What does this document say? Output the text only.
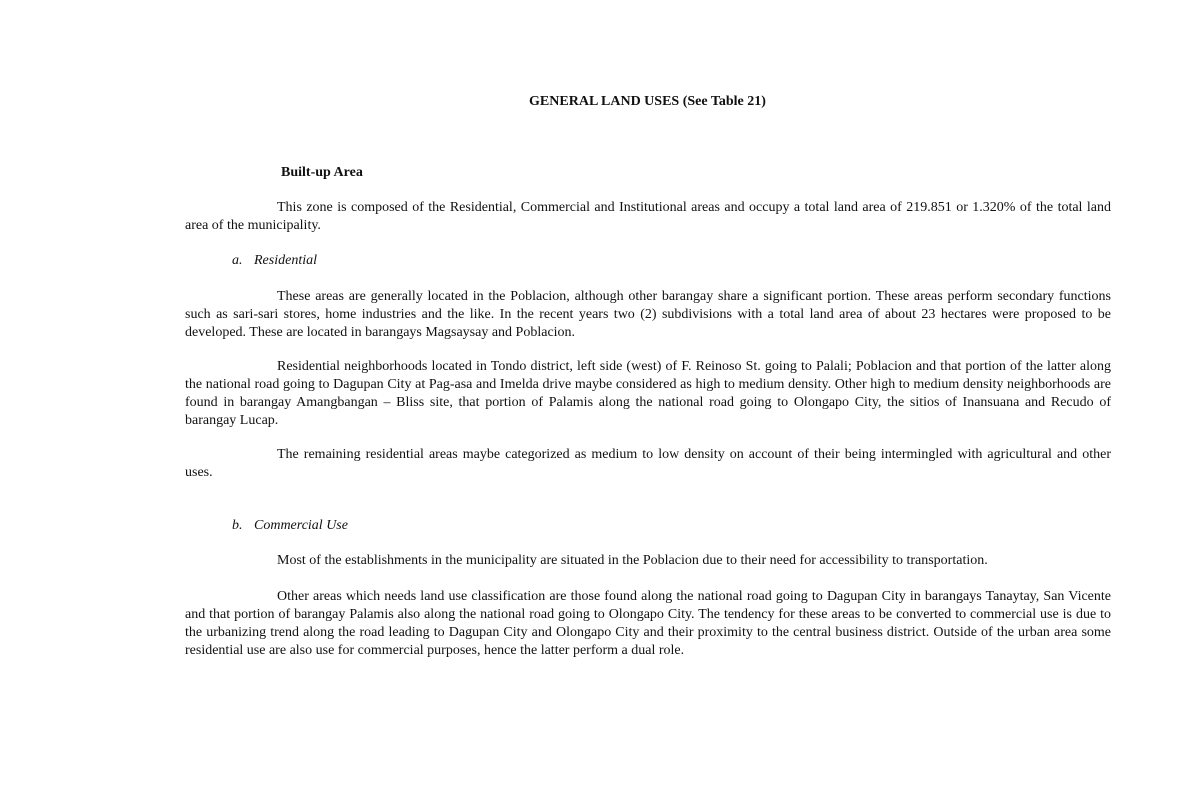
GENERAL LAND USES (See Table 21)
Built-up Area

This zone is composed of the Residential, Commercial and Institutional areas and occupy a total land area of 219.851 or 1.320% of the total land area of the municipality.

a. Residential

These areas are generally located in the Poblacion, although other barangay share a significant portion. These areas perform secondary functions such as sari-sari stores, home industries and the like. In the recent years two (2) subdivisions with a total land area of about 23 hectares were proposed to be developed. These are located in barangays Magsaysay and Poblacion.

Residential neighborhoods located in Tondo district, left side (west) of F. Reinoso St. going to Palali; Poblacion and that portion of the latter along the national road going to Dagupan City at Pag-asa and Imelda drive maybe considered as high to medium density. Other high to medium density neighborhoods are found in barangay Amangbangan – Bliss site, that portion of Palamis along the national road going to Olongapo City, the sitios of Inansuana and Recudo of barangay Lucap.

The remaining residential areas maybe categorized as medium to low density on account of their being intermingled with agricultural and other uses.

b. Commercial Use

Most of the establishments in the municipality are situated in the Poblacion due to their need for accessibility to transportation.

Other areas which needs land use classification are those found along the national road going to Dagupan City in barangays Tanaytay, San Vicente and that portion of barangay Palamis also along the national road going to Olongapo City. The tendency for these areas to be converted to commercial use is due to the urbanizing trend along the road leading to Dagupan City and Olongapo City and their proximity to the central business district. Outside of the urban area some residential use are also use for commercial purposes, hence the latter perform a dual role.
